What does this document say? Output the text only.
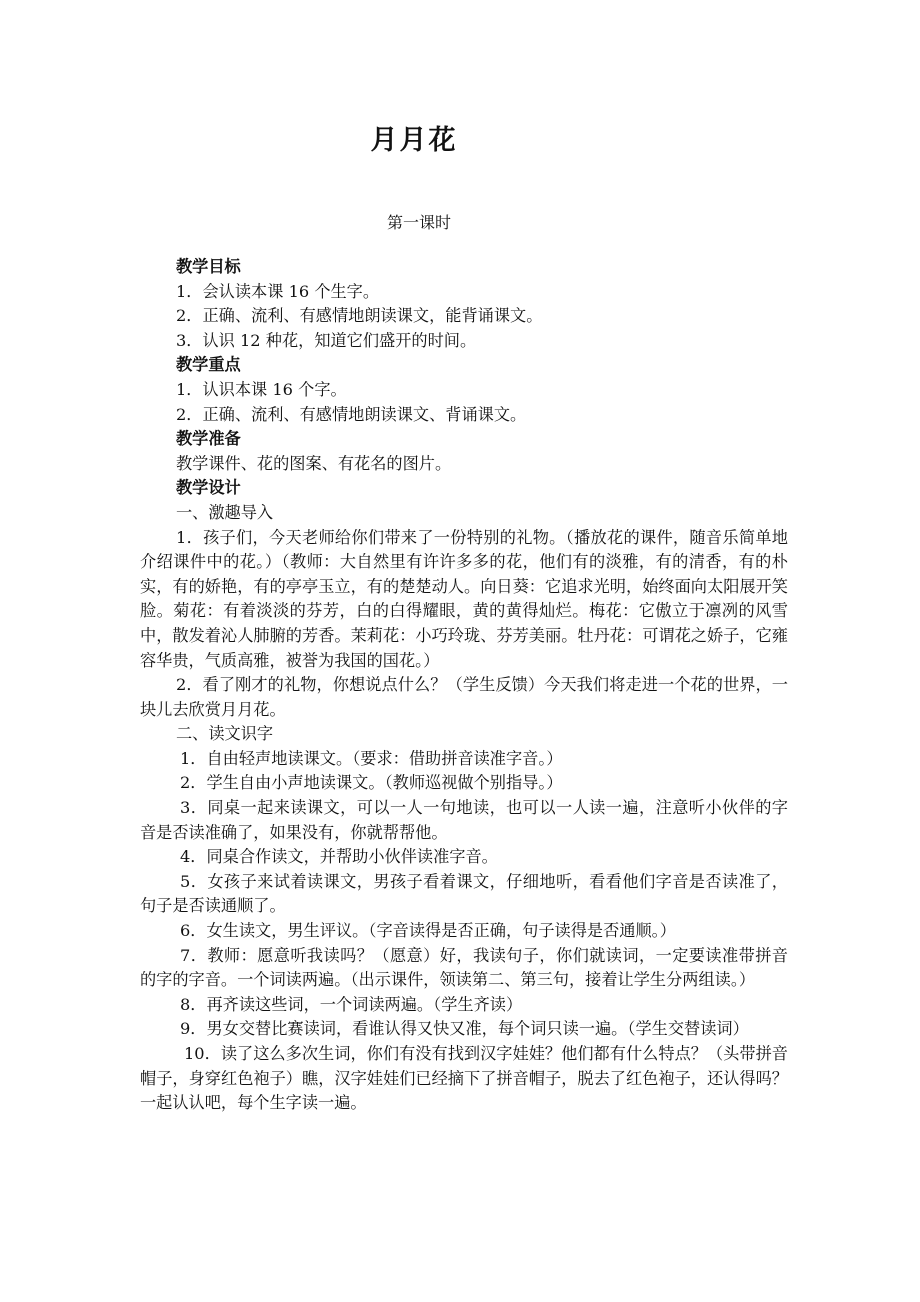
月月花

第一课时

教学目标

1．会认读本课 16 个生字。

2．正确、流利、有感情地朗读课文，能背诵课文。

3．认识 12 种花，知道它们盛开的时间。

教学重点

1．认识本课 16 个字。

2．正确、流利、有感情地朗读课文、背诵课文。

教学准备

教学课件、花的图案、有花名的图片。

教学设计

一、激趣导入

1．孩子们，今天老师给你们带来了一份特别的礼物。（播放花的课件，随音乐简单地介绍课件中的花。）（教师：大自然里有许许多多的花，他们有的淡雅，有的清香，有的朴实，有的娇艳，有的亭亭玉立，有的楚楚动人。向日葵：它追求光明，始终面向太阳展开笑脸。菊花：有着淡淡的芬芳，白的白得耀眼，黄的黄得灿烂。梅花：它傲立于凛冽的风雪中，散发着沁人肺腑的芳香。茉莉花：小巧玲珑、芬芳美丽。牡丹花：可谓花之娇子，它雍容华贵，气质高雅，被誉为我国的国花。）

2．看了刚才的礼物，你想说点什么？（学生反馈）今天我们将走进一个花的世界，一块儿去欣赏月月花。

二、读文识字

1．自由轻声地读课文。（要求：借助拼音读准字音。）

2．学生自由小声地读课文。（教师巡视做个别指导。）

3．同桌一起来读课文，可以一人一句地读，也可以一人读一遍，注意听小伙伴的字音是否读准确了，如果没有，你就帮帮他。

4．同桌合作读文，并帮助小伙伴读准字音。

5．女孩子来试着读课文，男孩子看着课文，仔细地听，看看他们字音是否读准了，句子是否读通顺了。

6．女生读文，男生评议。（字音读得是否正确，句子读得是否通顺。）

7．教师：愿意听我读吗？（愿意）好，我读句子，你们就读词，一定要读准带拼音的字的字音。一个词读两遍。（出示课件，领读第二、第三句，接着让学生分两组读。）

8．再齐读这些词，一个词读两遍。（学生齐读）

9．男女交替比赛读词，看谁认得又快又准，每个词只读一遍。（学生交替读词）

10．读了这么多次生词，你们有没有找到汉字娃娃？他们都有什么特点？（头带拼音帽子，身穿红色袍子）瞧，汉字娃娃们已经摘下了拼音帽子，脱去了红色袍子，还认得吗？一起认认吧，每个生字读一遍。
